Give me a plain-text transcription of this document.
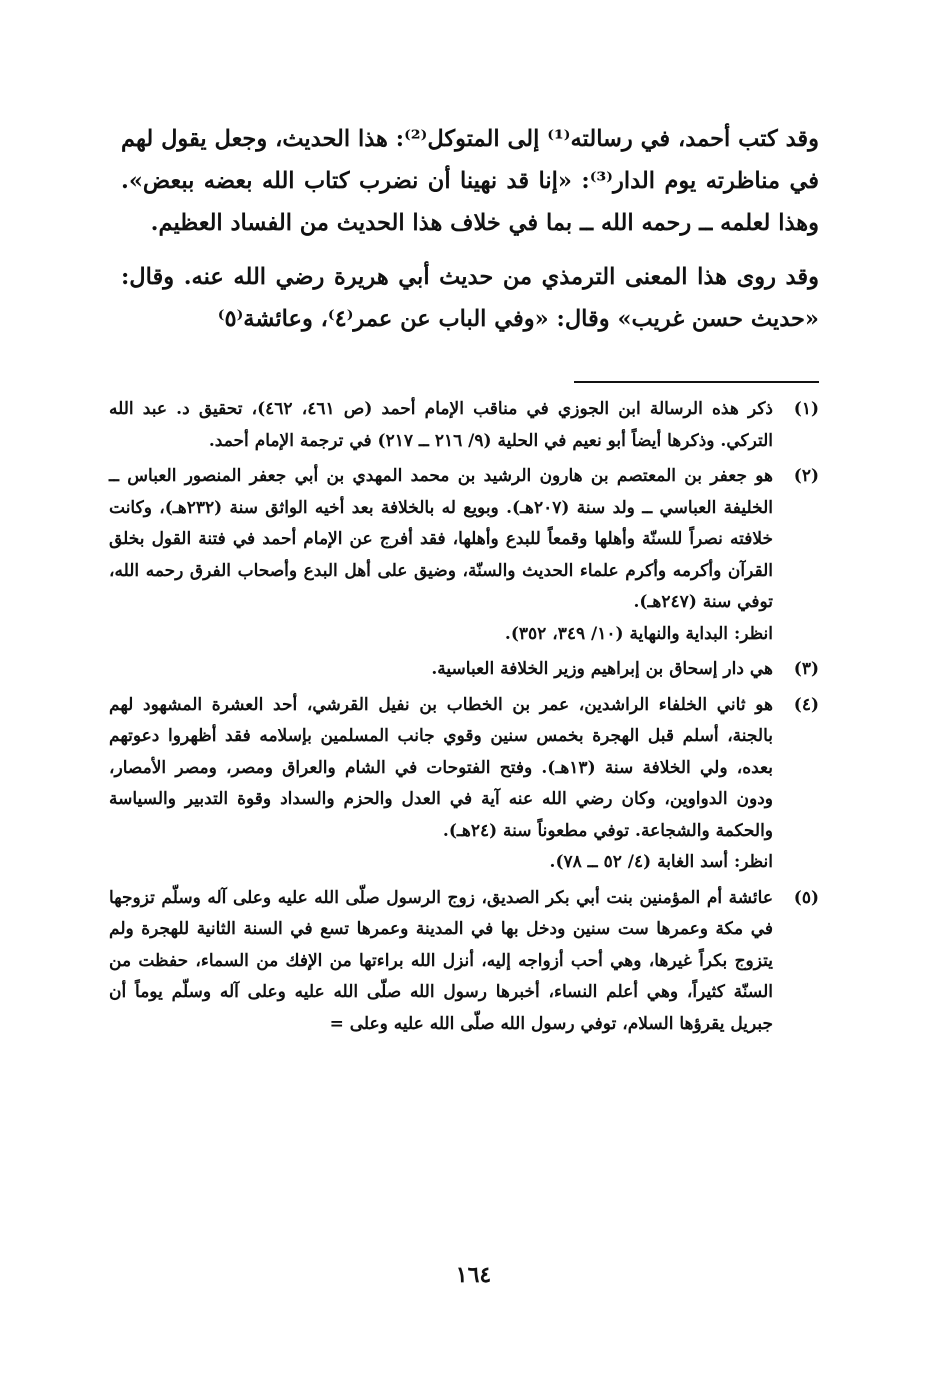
وقد كتب أحمد، في رسالته⁽¹⁾ إلى المتوكل⁽²⁾: هذا الحديث، وجعل يقول لهم في مناظرته يوم الدار⁽³⁾: «إنا قد نهينا أن نضرب كتاب الله بعضه ببعض». وهذا لعلمه ــ رحمه الله ــ بما في خلاف هذا الحديث من الفساد العظيم.

وقد روى هذا المعنى الترمذي من حديث أبي هريرة رضي الله عنه. وقال: «حديث حسن غريب» وقال: «وفي الباب عن عمر⁽٤⁾، وعائشة⁽٥⁾

(١)

ذكر هذه الرسالة ابن الجوزي في مناقب الإمام أحمد (ص ٤٦١، ٤٦٢)، تحقيق د. عبد الله التركي. وذكرها أيضاً أبو نعيم في الحلية (٩/ ٢١٦ ــ ٢١٧) في ترجمة الإمام أحمد.

(٢)

هو جعفر بن المعتصم بن هارون الرشيد بن محمد المهدي بن أبي جعفر المنصور العباس ــ الخليفة العباسي ــ ولد سنة (٢٠٧هـ). وبويع له بالخلافة بعد أخيه الواثق سنة (٢٣٢هـ)، وكانت خلافته نصراً للسنّة وأهلها وقمعاً للبدع وأهلها، فقد أفرج عن الإمام أحمد في فتنة القول بخلق القرآن وأكرمه وأكرم علماء الحديث والسنّة، وضيق على أهل البدع وأصحاب الفرق رحمه الله، توفي سنة (٢٤٧هـ).

انظر: البداية والنهاية (١٠/ ٣٤٩، ٣٥٢).

(٣)

هي دار إسحاق بن إبراهيم وزير الخلافة العباسية.

(٤)

هو ثاني الخلفاء الراشدين، عمر بن الخطاب بن نفيل القرشي، أحد العشرة المشهود لهم بالجنة، أسلم قبل الهجرة بخمس سنين وقوي جانب المسلمين بإسلامه فقد أظهروا دعوتهم بعده، ولي الخلافة سنة (١٣هـ). وفتح الفتوحات في الشام والعراق ومصر، ومصر الأمصار، ودون الدواوين، وكان رضي الله عنه آية في العدل والحزم والسداد وقوة التدبير والسياسة والحكمة والشجاعة. توفي مطعوناً سنة (٢٤هـ).

انظر: أسد الغابة (٤/ ٥٢ ــ ٧٨).

(٥)

عائشة أم المؤمنين بنت أبي بكر الصديق، زوج الرسول صلّى الله عليه وعلى آله وسلّم تزوجها في مكة وعمرها ست سنين ودخل بها في المدينة وعمرها تسع في السنة الثانية للهجرة ولم يتزوج بكراً غيرها، وهي أحب أزواجه إليه، أنزل الله براءتها من الإفك من السماء، حفظت من السنّة كثيراً، وهي أعلم النساء، أخبرها رسول الله صلّى الله عليه وعلى آله وسلّم يوماً أن جبريل يقرؤها السلام، توفي رسول الله صلّى الله عليه وعلى =

١٦٤
